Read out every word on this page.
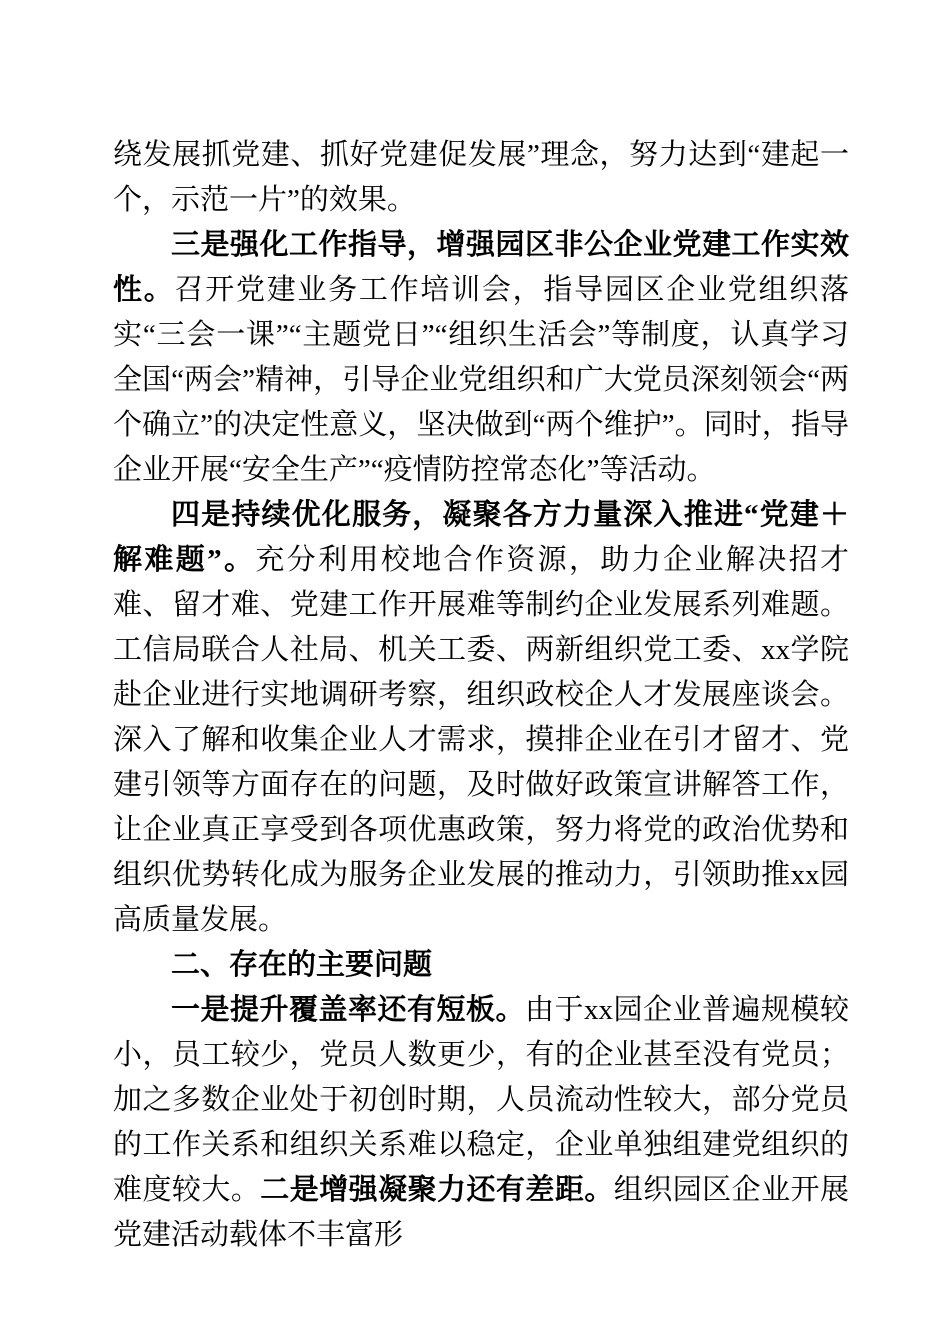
绕发展抓党建、抓好党建促发展”理念，努力达到“建起一个，示范一片”的效果。

三是强化工作指导，增强园区非公企业党建工作实效性。召开党建业务工作培训会，指导园区企业党组织落实“三会一课”“主题党日”“组织生活会”等制度，认真学习全国“两会”精神，引导企业党组织和广大党员深刻领会“两个确立”的决定性意义，坚决做到“两个维护”。同时，指导企业开展“安全生产”“疫情防控常态化”等活动。

四是持续优化服务，凝聚各方力量深入推进“党建＋解难题”。充分利用校地合作资源，助力企业解决招才难、留才难、党建工作开展难等制约企业发展系列难题。工信局联合人社局、机关工委、两新组织党工委、xx学院赴企业进行实地调研考察，组织政校企人才发展座谈会。深入了解和收集企业人才需求，摸排企业在引才留才、党建引领等方面存在的问题，及时做好政策宣讲解答工作，让企业真正享受到各项优惠政策，努力将党的政治优势和组织优势转化成为服务企业发展的推动力，引领助推xx园高质量发展。

二、存在的主要问题

一是提升覆盖率还有短板。由于xx园企业普遍规模较小，员工较少，党员人数更少，有的企业甚至没有党员；加之多数企业处于初创时期，人员流动性较大，部分党员的工作关系和组织关系难以稳定，企业单独组建党组织的难度较大。二是增强凝聚力还有差距。组织园区企业开展党建活动载体不丰富形
